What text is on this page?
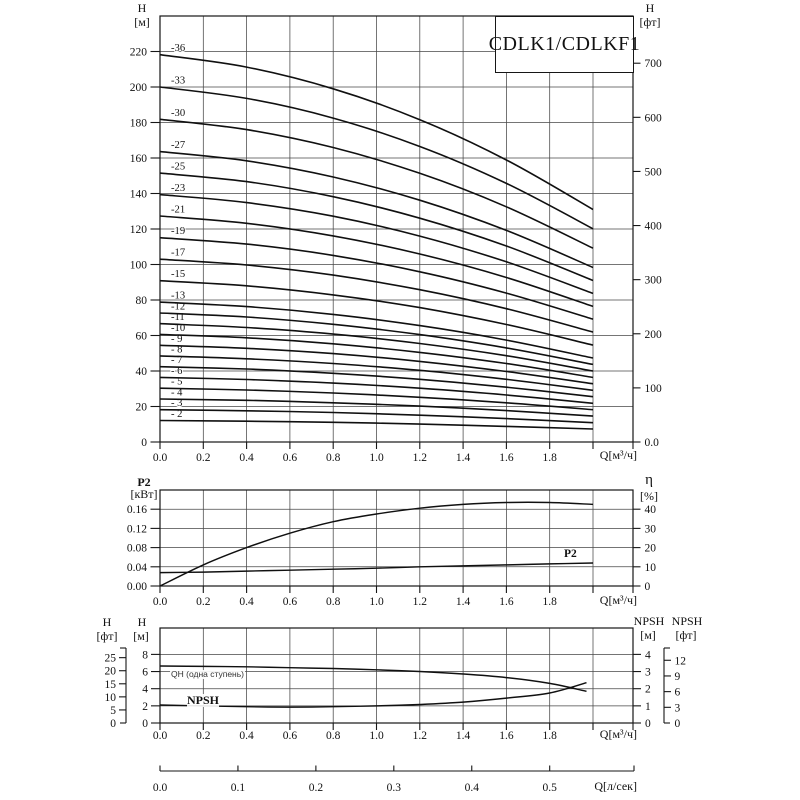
0
20
40
60
80
100
120
140
160
180
200
220
0.0	0.2	0.4	0.6	0.8	1.0	1.2	1.4	1.6	1.8
0.0
100
200
300
400
500
600
700
- 2
- 3
- 4
- 5
- 6
- 7
- 8
- 9
-10
-11
-12
-13
-15
-17
-19
-21
-23
-25
-27
-30
-33
-36
0.00
0.04
0.08
0.12
0.16
0
10
20
30
40
0.0	0.2	0.4	0.6	0.8	1.0	1.2	1.4	1.6	1.8
0
2
4
6
8
0
1
2
3
4
0
5
10
15
20
25
0
3
6
9
12
0.0	0.2	0.4	0.6	0.8	1.0	1.2	1.4	1.6	1.8
0.0	0.1	0.2	0.3	0.4	0.5
H
[м]
H
[фт]
Q[м³/ч]
CDLK1/CDLKF1
P2
[кВт]
η
[%]
Q[м³/ч]
P2
H
[фт]
H
[м]
NPSH
[м]
NPSH
[фт]
Q[м³/ч]
QH (одна ступень)
NPSH
Q[л/сек]
